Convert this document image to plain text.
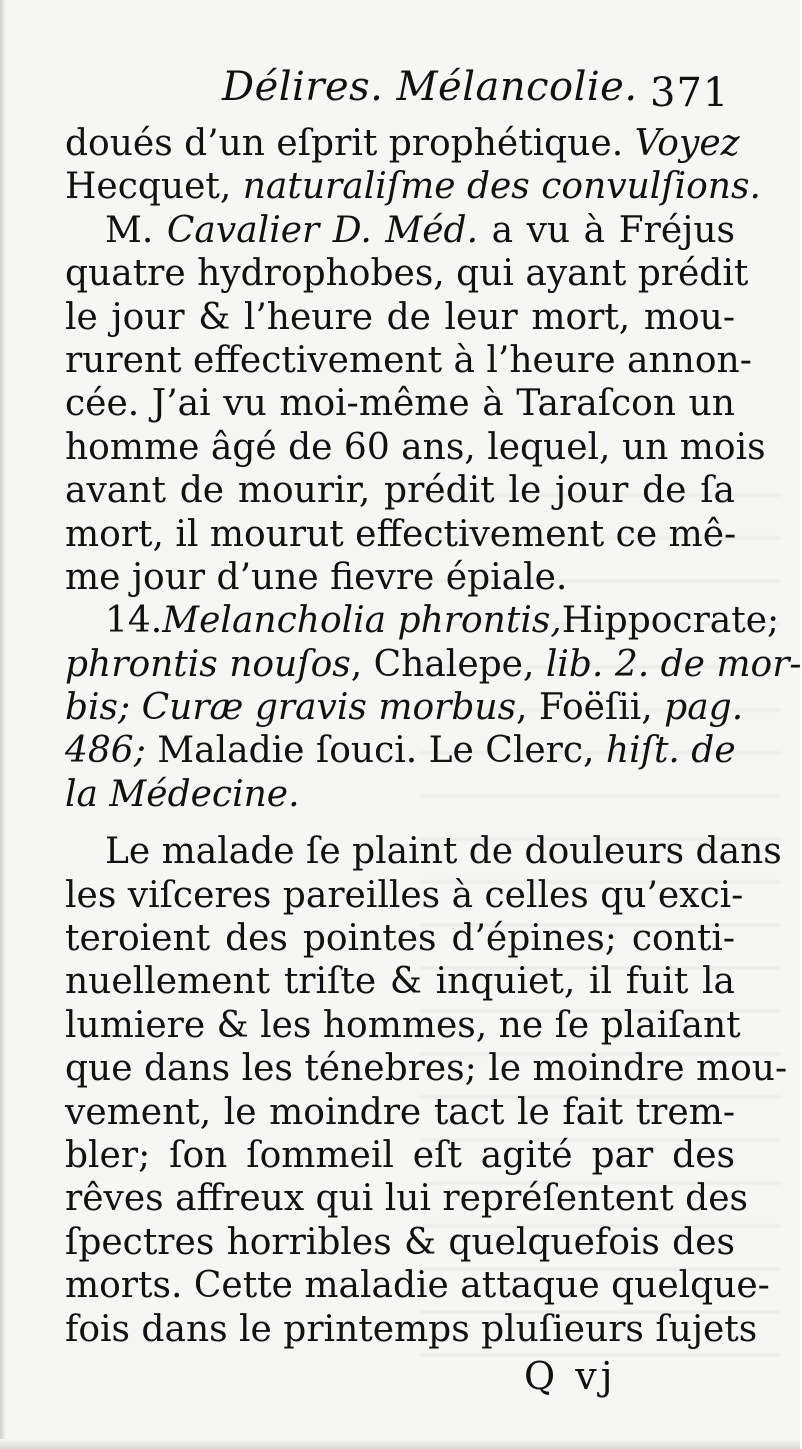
Délires. Mélancolie. 371
doués d’un eſprit prophétique. Voyez
Hecquet, naturaliſme des convulſions.
M. Cavalier D. Méd. a vu à Fréjus
quatre hydrophobes, qui ayant prédit
le jour & l’heure de leur mort, mou-
rurent effectivement à l’heure annon-
cée. J’ai vu moi-même à Taraſcon un
homme âgé de 60 ans, lequel, un mois
avant de mourir, prédit le jour de ſa
mort, il mourut effectivement ce mê-
me jour d’une fievre épiale.
14.Melancholia phrontis,Hippocrate;
phrontis nouſos, Chalepe, lib. 2. de mor-
bis; Curæ gravis morbus, Foëſii, pag.
486; Maladie ſouci. Le Clerc, hiſt. de
la Médecine.
Le malade ſe plaint de douleurs dans
les viſceres pareilles à celles qu’exci-
teroient des pointes d’épines; conti-
nuellement triſte & inquiet, il fuit la
lumiere & les hommes, ne ſe plaiſant
que dans les ténebres; le moindre mou-
vement, le moindre tact le fait trem-
bler; ſon ſommeil eſt agité par des
rêves affreux qui lui repréſentent des
ſpectres horribles & quelquefois des
morts. Cette maladie attaque quelque-
fois dans le printemps pluſieurs ſujets
Q vj
